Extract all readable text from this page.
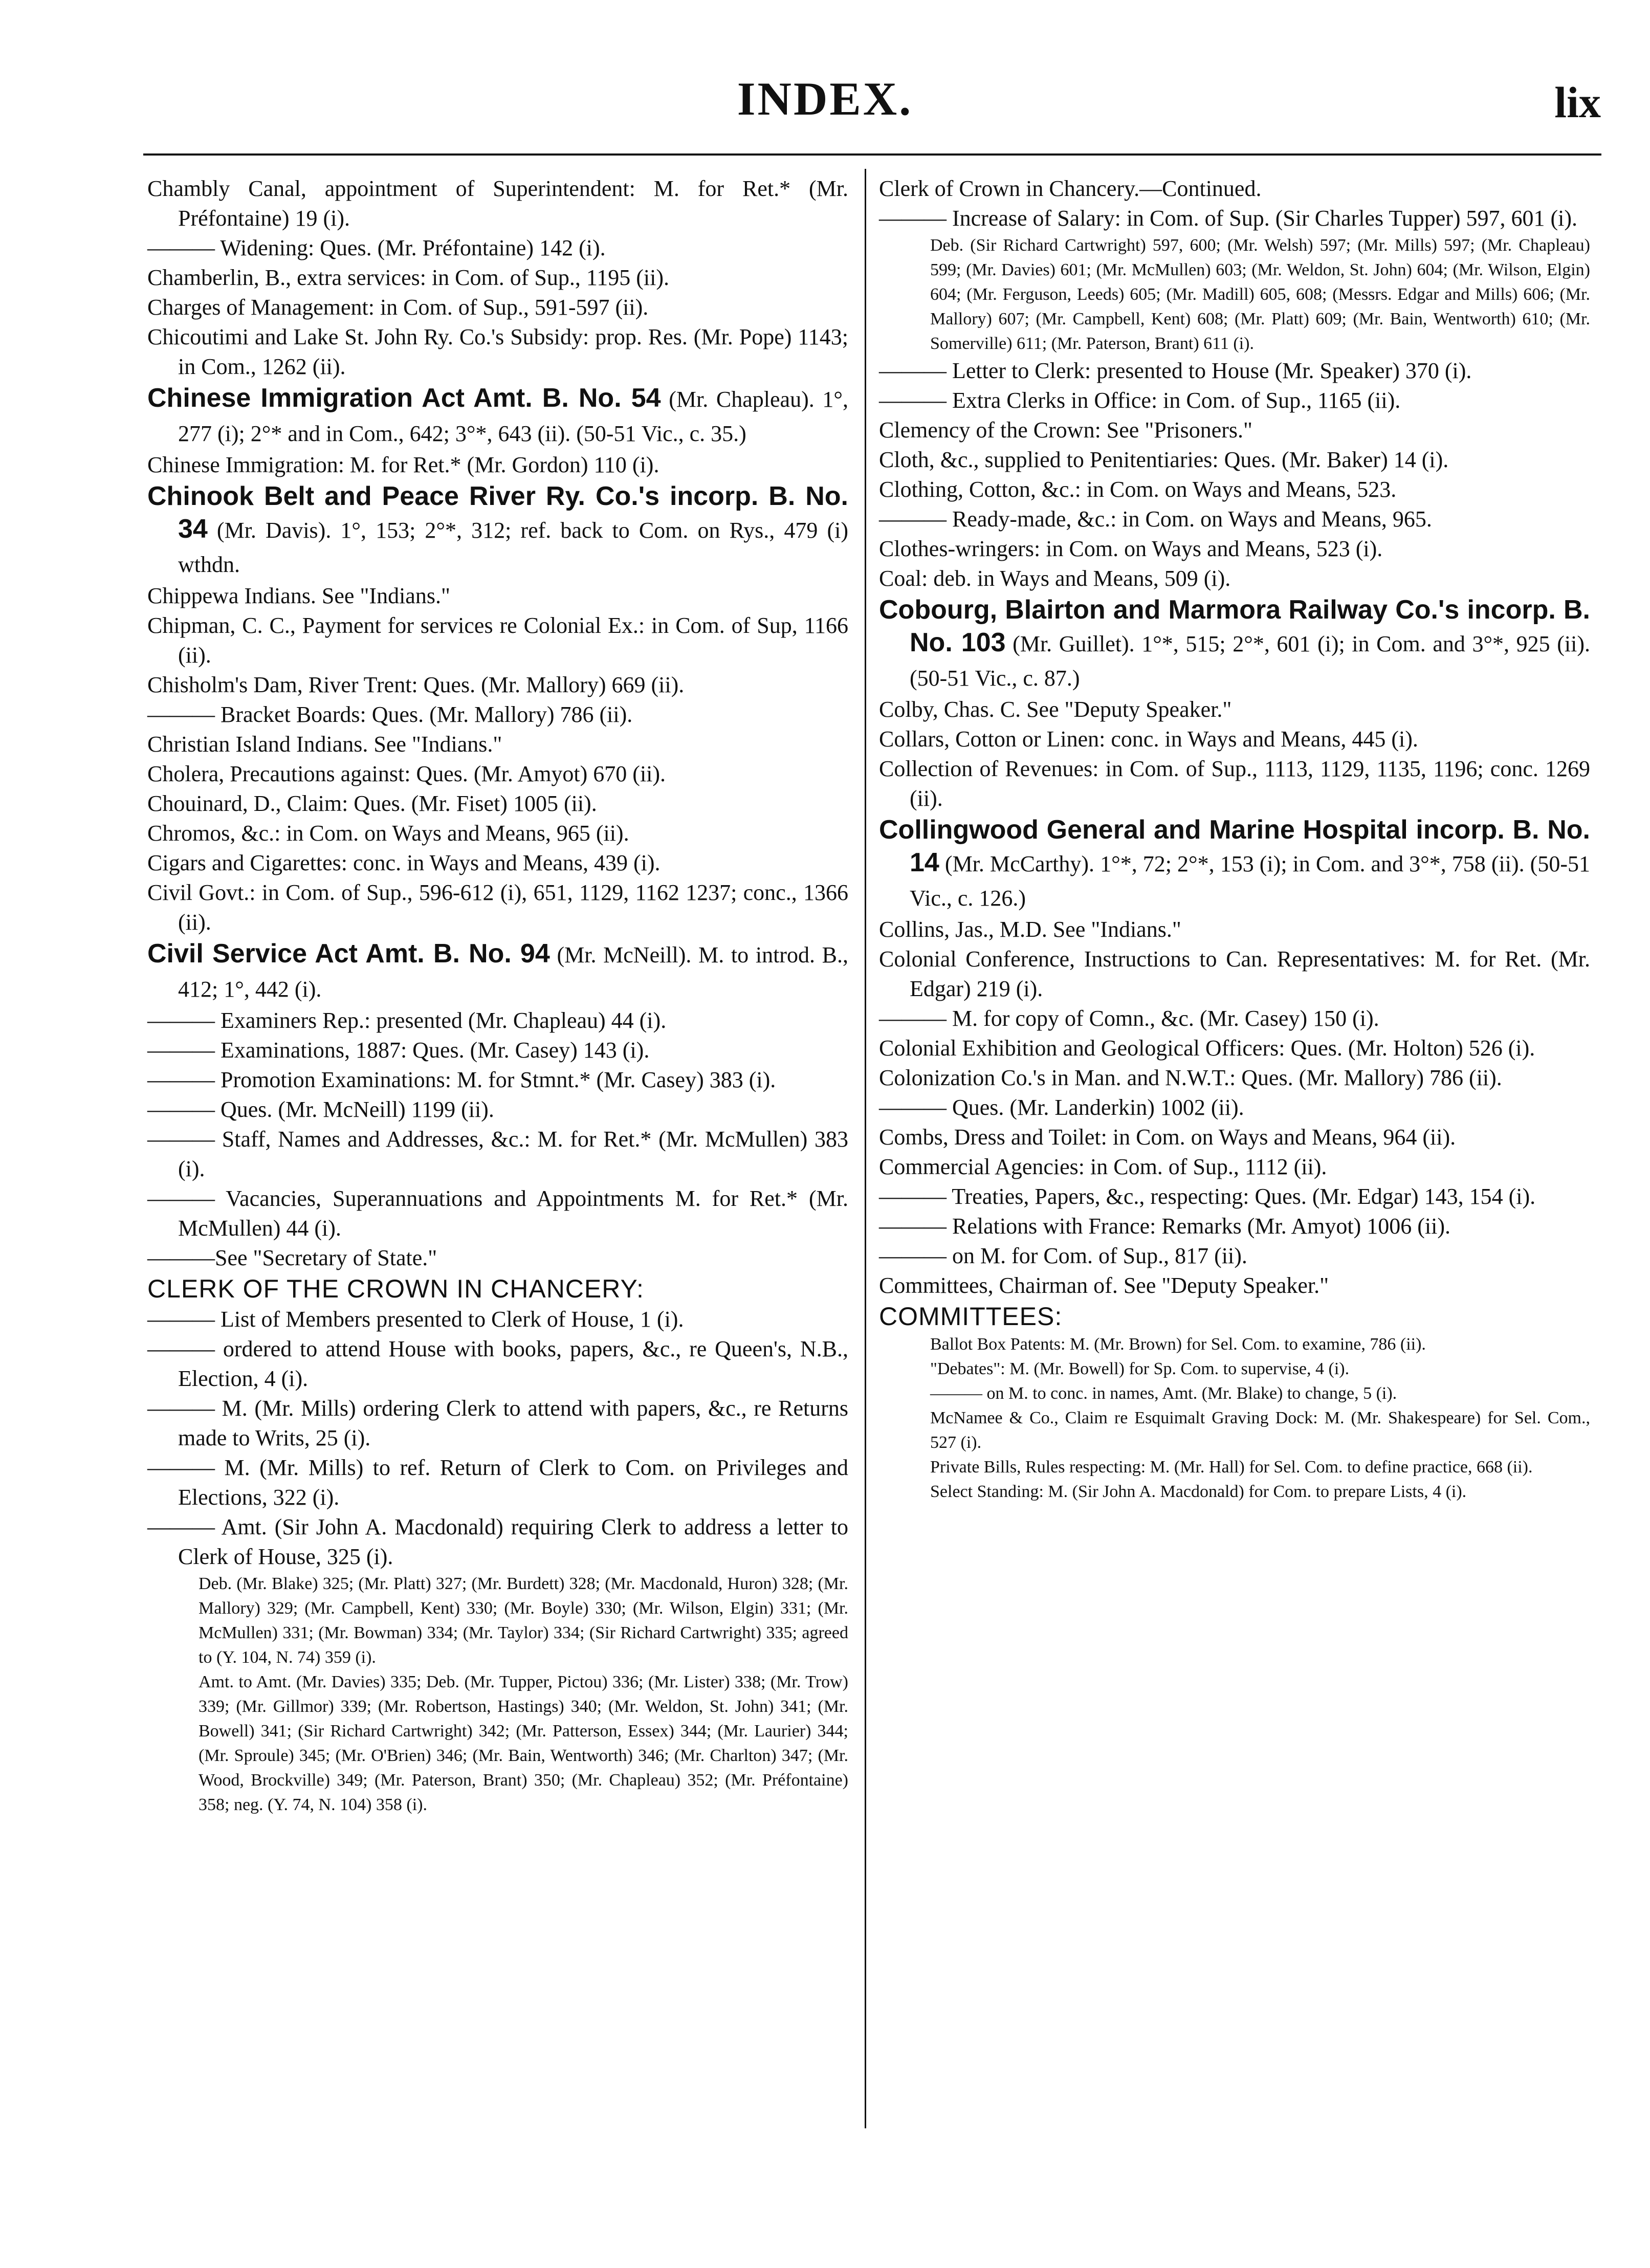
INDEX.	lix

Chambly Canal, appointment of Superintendent: M. for Ret.* (Mr. Préfontaine) 19 (i).

——— Widening: Ques. (Mr. Préfontaine) 142 (i).

Chamberlin, B., extra services: in Com. of Sup., 1195 (ii).

Charges of Management: in Com. of Sup., 591-597 (ii).

Chicoutimi and Lake St. John Ry. Co.'s Subsidy: prop. Res. (Mr. Pope) 1143; in Com., 1262 (ii).

Chinese Immigration Act Amt. B. No. 54 (Mr. Chapleau). 1°, 277 (i); 2°* and in Com., 642; 3°*, 643 (ii). (50-51 Vic., c. 35.)

Chinese Immigration: M. for Ret.* (Mr. Gordon) 110 (i).

Chinook Belt and Peace River Ry. Co.'s incorp. B. No. 34 (Mr. Davis). 1°, 153; 2°*, 312; ref. back to Com. on Rys., 479 (i) wthdn.

Chippewa Indians. See "Indians."

Chipman, C. C., Payment for services re Colonial Ex.: in Com. of Sup, 1166 (ii).

Chisholm's Dam, River Trent: Ques. (Mr. Mallory) 669 (ii).

——— Bracket Boards: Ques. (Mr. Mallory) 786 (ii).

Christian Island Indians. See "Indians."

Cholera, Precautions against: Ques. (Mr. Amyot) 670 (ii).

Chouinard, D., Claim: Ques. (Mr. Fiset) 1005 (ii).

Chromos, &c.: in Com. on Ways and Means, 965 (ii).

Cigars and Cigarettes: conc. in Ways and Means, 439 (i).

Civil Govt.: in Com. of Sup., 596-612 (i), 651, 1129, 1162 1237; conc., 1366 (ii).

Civil Service Act Amt. B. No. 94 (Mr. McNeill). M. to introd. B., 412; 1°, 442 (i).

——— Examiners Rep.: presented (Mr. Chapleau) 44 (i).

——— Examinations, 1887: Ques. (Mr. Casey) 143 (i).

——— Promotion Examinations: M. for Stmnt.* (Mr. Casey) 383 (i).

——— Ques. (Mr. McNeill) 1199 (ii).

——— Staff, Names and Addresses, &c.: M. for Ret.* (Mr. McMullen) 383 (i).

——— Vacancies, Superannuations and Appointments M. for Ret.* (Mr. McMullen) 44 (i).

———See "Secretary of State."

CLERK OF THE CROWN IN CHANCERY:

——— List of Members presented to Clerk of House, 1 (i).

——— ordered to attend House with books, papers, &c., re Queen's, N.B., Election, 4 (i).

——— M. (Mr. Mills) ordering Clerk to attend with papers, &c., re Returns made to Writs, 25 (i).

——— M. (Mr. Mills) to ref. Return of Clerk to Com. on Privileges and Elections, 322 (i).

——— Amt. (Sir John A. Macdonald) requiring Clerk to address a letter to Clerk of House, 325 (i).

Deb. (Mr. Blake) 325; (Mr. Platt) 327; (Mr. Burdett) 328; (Mr. Macdonald, Huron) 328; (Mr. Mallory) 329; (Mr. Campbell, Kent) 330; (Mr. Boyle) 330; (Mr. Wilson, Elgin) 331; (Mr. McMullen) 331; (Mr. Bowman) 334; (Mr. Taylor) 334; (Sir Richard Cartwright) 335; agreed to (Y. 104, N. 74) 359 (i).

Amt. to Amt. (Mr. Davies) 335; Deb. (Mr. Tupper, Pictou) 336; (Mr. Lister) 338; (Mr. Trow) 339; (Mr. Gillmor) 339; (Mr. Robertson, Hastings) 340; (Mr. Weldon, St. John) 341; (Mr. Bowell) 341; (Sir Richard Cartwright) 342; (Mr. Patterson, Essex) 344; (Mr. Laurier) 344; (Mr. Sproule) 345; (Mr. O'Brien) 346; (Mr. Bain, Wentworth) 346; (Mr. Charlton) 347; (Mr. Wood, Brockville) 349; (Mr. Paterson, Brant) 350; (Mr. Chapleau) 352; (Mr. Préfontaine) 358; neg. (Y. 74, N. 104) 358 (i).

Clerk of Crown in Chancery.—Continued.

——— Increase of Salary: in Com. of Sup. (Sir Charles Tupper) 597, 601 (i).

Deb. (Sir Richard Cartwright) 597, 600; (Mr. Welsh) 597; (Mr. Mills) 597; (Mr. Chapleau) 599; (Mr. Davies) 601; (Mr. McMullen) 603; (Mr. Weldon, St. John) 604; (Mr. Wilson, Elgin) 604; (Mr. Ferguson, Leeds) 605; (Mr. Madill) 605, 608; (Messrs. Edgar and Mills) 606; (Mr. Mallory) 607; (Mr. Campbell, Kent) 608; (Mr. Platt) 609; (Mr. Bain, Wentworth) 610; (Mr. Somerville) 611; (Mr. Paterson, Brant) 611 (i).

——— Letter to Clerk: presented to House (Mr. Speaker) 370 (i).

——— Extra Clerks in Office: in Com. of Sup., 1165 (ii).

Clemency of the Crown: See "Prisoners."

Cloth, &c., supplied to Penitentiaries: Ques. (Mr. Baker) 14 (i).

Clothing, Cotton, &c.: in Com. on Ways and Means, 523.

——— Ready-made, &c.: in Com. on Ways and Means, 965.

Clothes-wringers: in Com. on Ways and Means, 523 (i).

Coal: deb. in Ways and Means, 509 (i).

Cobourg, Blairton and Marmora Railway Co.'s incorp. B. No. 103 (Mr. Guillet). 1°*, 515; 2°*, 601 (i); in Com. and 3°*, 925 (ii). (50-51 Vic., c. 87.)

Colby, Chas. C. See "Deputy Speaker."

Collars, Cotton or Linen: conc. in Ways and Means, 445 (i).

Collection of Revenues: in Com. of Sup., 1113, 1129, 1135, 1196; conc. 1269 (ii).

Collingwood General and Marine Hospital incorp. B. No. 14 (Mr. McCarthy). 1°*, 72; 2°*, 153 (i); in Com. and 3°*, 758 (ii). (50-51 Vic., c. 126.)

Collins, Jas., M.D. See "Indians."

Colonial Conference, Instructions to Can. Representatives: M. for Ret. (Mr. Edgar) 219 (i).

——— M. for copy of Comn., &c. (Mr. Casey) 150 (i).

Colonial Exhibition and Geological Officers: Ques. (Mr. Holton) 526 (i).

Colonization Co.'s in Man. and N.W.T.: Ques. (Mr. Mallory) 786 (ii).

——— Ques. (Mr. Landerkin) 1002 (ii).

Combs, Dress and Toilet: in Com. on Ways and Means, 964 (ii).

Commercial Agencies: in Com. of Sup., 1112 (ii).

——— Treaties, Papers, &c., respecting: Ques. (Mr. Edgar) 143, 154 (i).

——— Relations with France: Remarks (Mr. Amyot) 1006 (ii).

——— on M. for Com. of Sup., 817 (ii).

Committees, Chairman of. See "Deputy Speaker."

COMMITTEES:

Ballot Box Patents: M. (Mr. Brown) for Sel. Com. to examine, 786 (ii).

"Debates": M. (Mr. Bowell) for Sp. Com. to supervise, 4 (i).

——— on M. to conc. in names, Amt. (Mr. Blake) to change, 5 (i).

McNamee & Co., Claim re Esquimalt Graving Dock: M. (Mr. Shakespeare) for Sel. Com., 527 (i).

Private Bills, Rules respecting: M. (Mr. Hall) for Sel. Com. to define practice, 668 (ii).

Select Standing: M. (Sir John A. Macdonald) for Com. to prepare Lists, 4 (i).
